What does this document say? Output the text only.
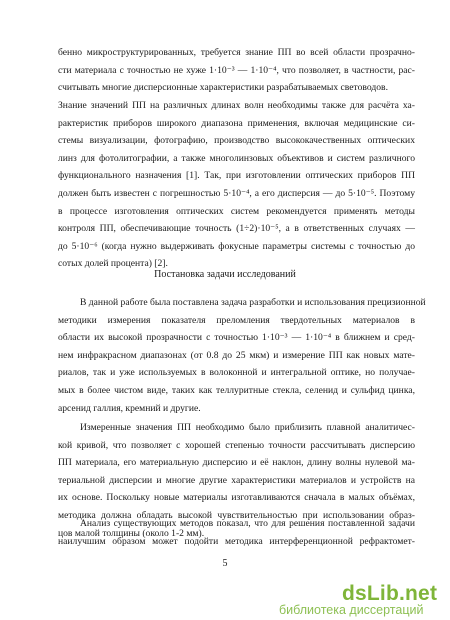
бенно микроструктурированных, требуется знание ПП во всей области прозрачно-
сти материала с точностью не хуже 1·10⁻³ — 1·10⁻⁴, что позволяет, в частности, рас-
считывать многие дисперсионные характеристики разрабатываемых световодов.
Знание значений ПП на различных длинах волн необходимы также для расчёта ха-
рактеристик приборов широкого диапазона применения, включая медицинские си-
стемы визуализации, фотографию, производство высококачественных оптических
линз для фотолитографии, а также многолинзовых объективов и систем различного
функционального назначения [1]. Так, при изготовлении оптических приборов ПП
должен быть известен с погрешностью 5·10⁻⁴, а его дисперсия — до 5·10⁻⁵. Поэтому
в процессе изготовления оптических систем рекомендуется применять методы
контроля ПП, обеспечивающие точность (1÷2)·10⁻⁵, а в ответственных случаях —
до 5·10⁻⁶ (когда нужно выдерживать фокусные параметры системы с точностью до
сотых долей процента) [2].
Постановка задачи исследований
В данной работе была поставлена задача разработки и использования прецизионной
методики измерения показателя преломления твердотельных материалов в
области их высокой прозрачности с точностью 1·10⁻³ — 1·10⁻⁴ в ближнем и сред-
нем инфракрасном диапазонах (от 0.8 до 25 мкм) и измерение ПП как новых мате-
риалов, так и уже используемых в волоконной и интегральной оптике, но получае-
мых в более чистом виде, таких как теллуритные стекла, селенид и сульфид цинка,
арсенид галлия, кремний и другие.
Измеренные значения ПП необходимо было приблизить плавной аналитичес-
кой кривой, что позволяет с хорошей степенью точности рассчитывать дисперсию
ПП материала, его материальную дисперсию и её наклон, длину волны нулевой ма-
териальной дисперсии и многие другие характеристики материалов и устройств на
их основе. Поскольку новые материалы изготавливаются сначала в малых объёмах,
методика должна обладать высокой чувствительностью при использовании образ-
цов малой толщины (около 1-2 мм).
Анализ существующих методов показал, что для решения поставленной задачи
наилучшим образом может подойти методика интерференционной рефрактомет-
5
dsLib.net
библиотека диссертаций
